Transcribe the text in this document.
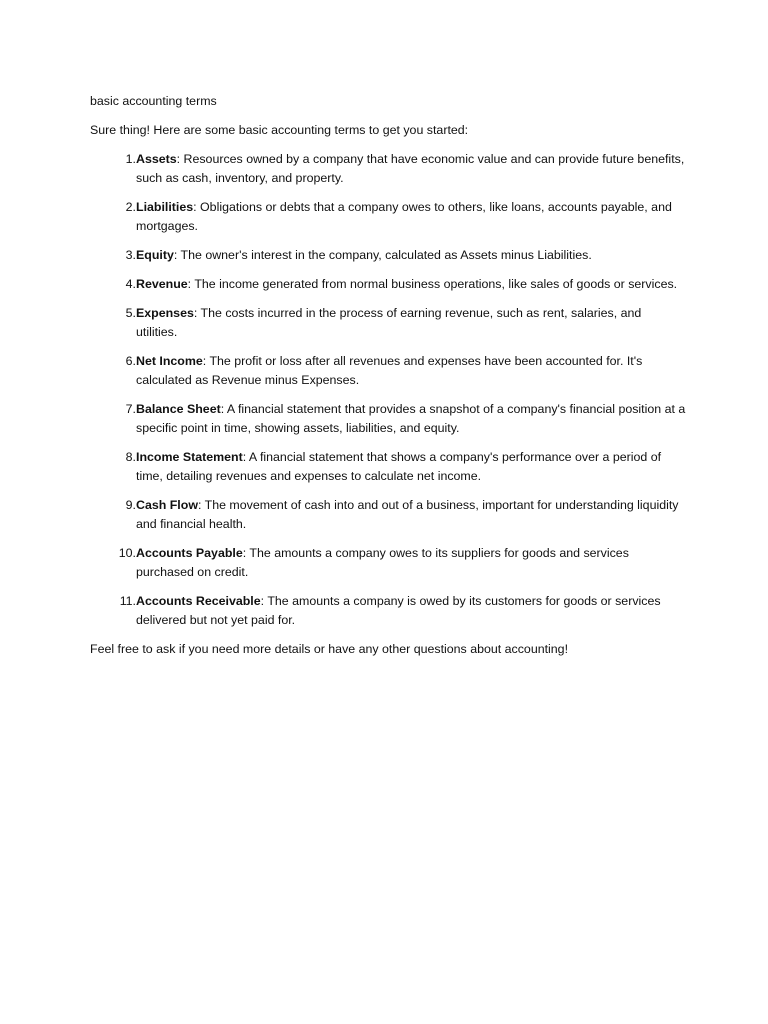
basic accounting terms

Sure thing! Here are some basic accounting terms to get you started:

1. Assets: Resources owned by a company that have economic value and can provide future benefits, such as cash, inventory, and property.
2. Liabilities: Obligations or debts that a company owes to others, like loans, accounts payable, and mortgages.
3. Equity: The owner's interest in the company, calculated as Assets minus Liabilities.
4. Revenue: The income generated from normal business operations, like sales of goods or services.
5. Expenses: The costs incurred in the process of earning revenue, such as rent, salaries, and utilities.
6. Net Income: The profit or loss after all revenues and expenses have been accounted for. It's calculated as Revenue minus Expenses.
7. Balance Sheet: A financial statement that provides a snapshot of a company's financial position at a specific point in time, showing assets, liabilities, and equity.
8. Income Statement: A financial statement that shows a company's performance over a period of time, detailing revenues and expenses to calculate net income.
9. Cash Flow: The movement of cash into and out of a business, important for understanding liquidity and financial health.
10. Accounts Payable: The amounts a company owes to its suppliers for goods and services purchased on credit.
11. Accounts Receivable: The amounts a company is owed by its customers for goods or services delivered but not yet paid for.

Feel free to ask if you need more details or have any other questions about accounting!
